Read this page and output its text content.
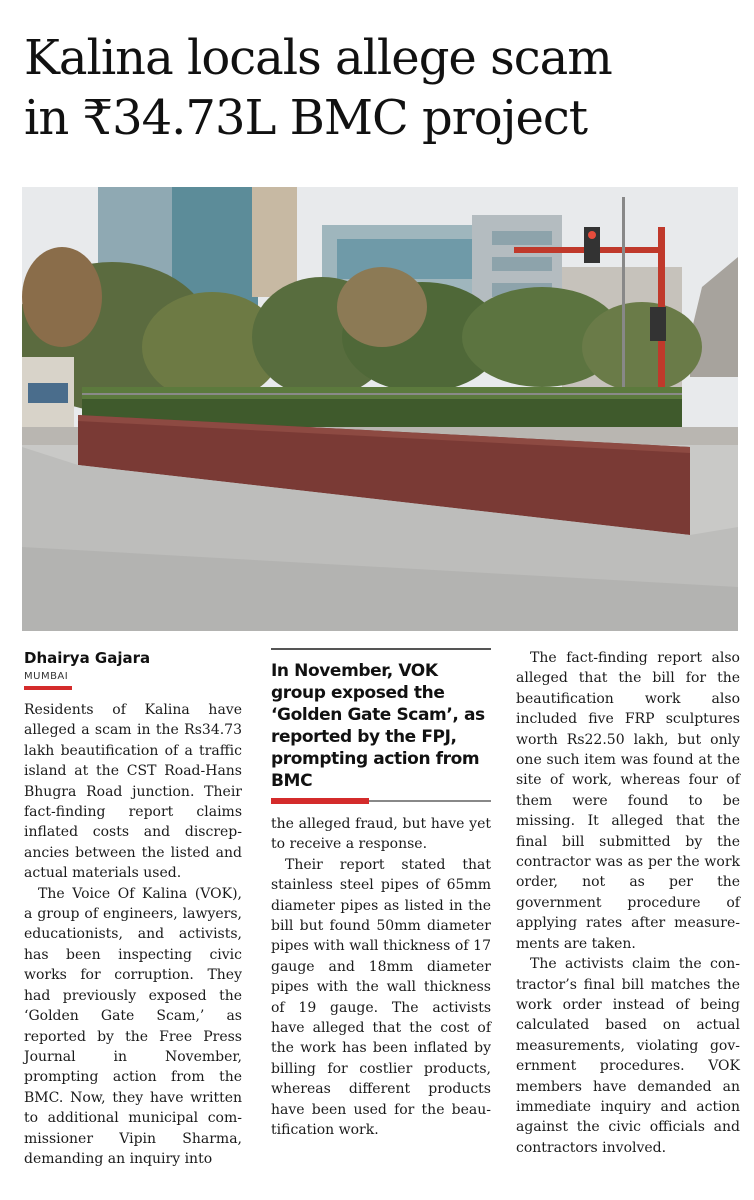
Kalina locals allege scam
in ₹34.73L BMC project

Dhairya Gajara

MUMBAI

Residents of Kalina have alleged a scam in the Rs34.73 lakh beautification of a traffic island at the CST Road-Hans Bhugra Road junction. Their fact-finding report claims inflated costs and discrepancies between the listed and actual materials used.

The Voice Of Kalina (VOK), a group of engineers, lawyers, educationists, and activists, has been inspecting civic works for corruption. They had previously exposed the ‘Golden Gate Scam,’ as reported by the Free Press Journal in November, prompting action from the BMC. Now, they have written to additional municipal commissioner Vipin Sharma, demanding an inquiry into

In November, VOK group exposed the ‘Golden Gate Scam’, as reported by the FPJ, prompting action from BMC

the alleged fraud, but have yet to receive a response.

Their report stated that stainless steel pipes of 65mm diameter pipes as listed in the bill but found 50mm diameter pipes with wall thickness of 17 gauge and 18mm diameter pipes with the wall thickness of 19 gauge. The activists have alleged that the cost of the work has been inflated by billing for costlier products, whereas different products have been used for the beautification work.

The fact-finding report also alleged that the bill for the beautification work also included five FRP sculptures worth Rs22.50 lakh, but only one such item was found at the site of work, whereas four of them were found to be missing. It alleged that the final bill submitted by the contractor was as per the work order, not as per the government procedure of applying rates after measurements are taken.

The activists claim the contractor’s final bill matches the work order instead of being calculated based on actual measurements, violating government procedures. VOK members have demanded an immediate inquiry and action against the civic officials and contractors involved.
